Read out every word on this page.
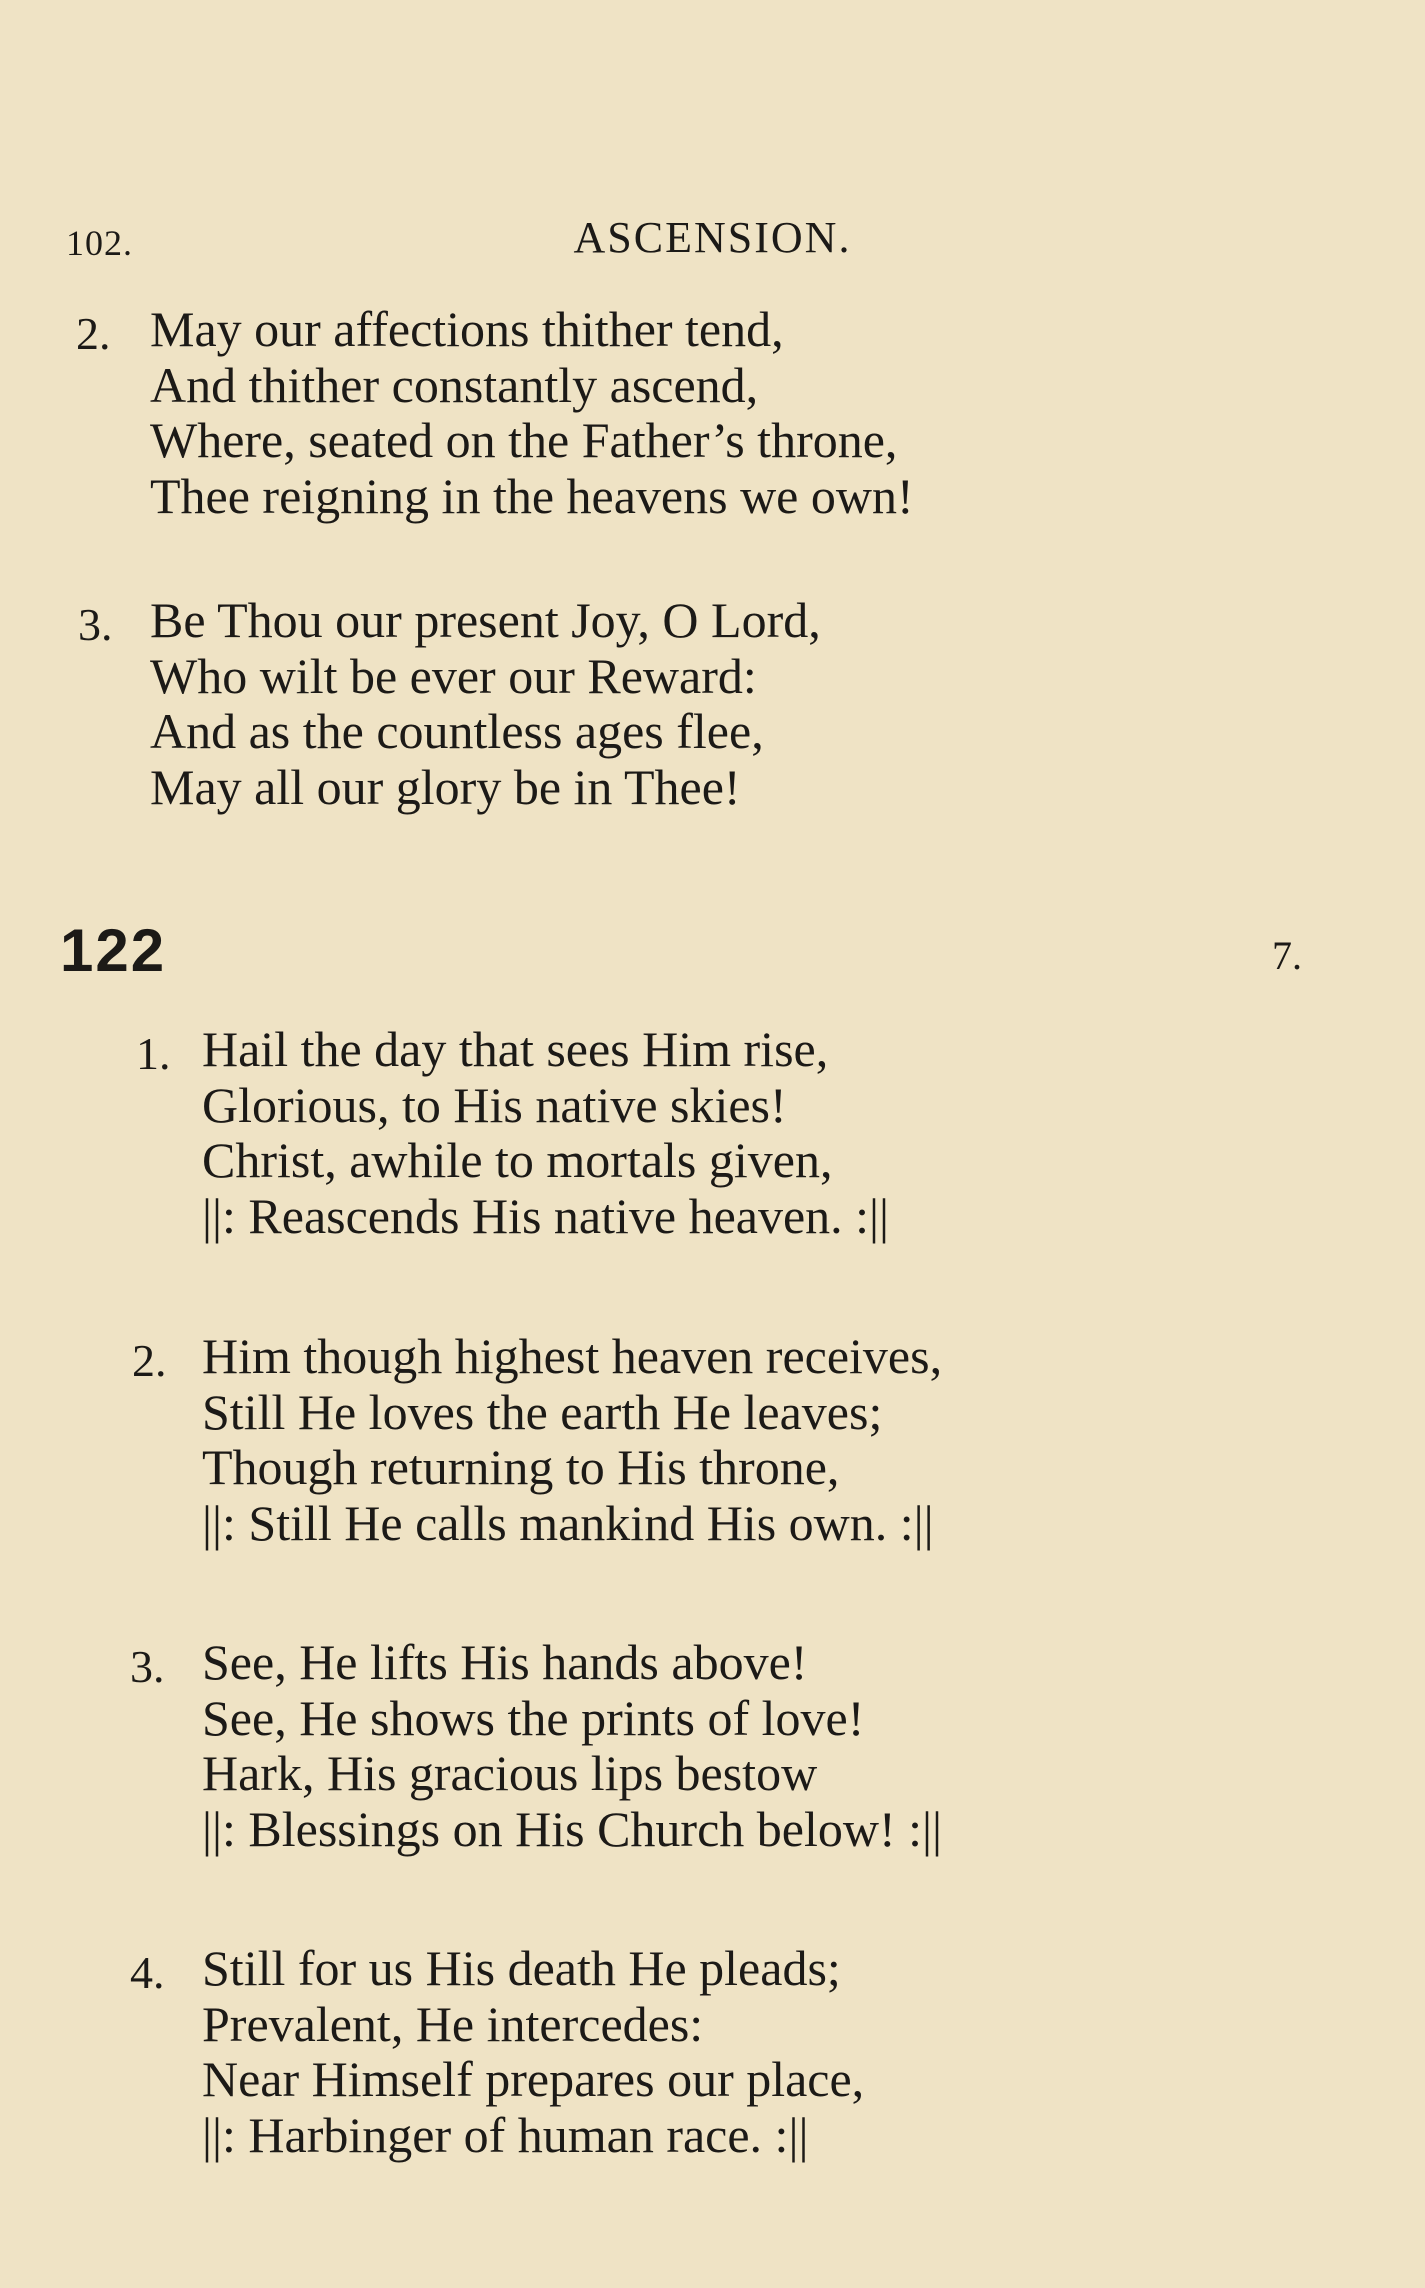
102.	ASCENSION.
2. May our affections thither tend,
And thither constantly ascend,
Where, seated on the Father’s throne,
Thee reigning in the heavens we own!
3. Be Thou our present Joy, O Lord,
Who wilt be ever our Reward:
And as the countless ages flee,
May all our glory be in Thee!
122	7.
1. Hail the day that sees Him rise,
Glorious, to His native skies!
Christ, awhile to mortals given,
||: Reascends His native heaven. :||
2. Him though highest heaven receives,
Still He loves the earth He leaves;
Though returning to His throne,
||: Still He calls mankind His own. :||
3. See, He lifts His hands above!
See, He shows the prints of love!
Hark, His gracious lips bestow
||: Blessings on His Church below! :||
4. Still for us His death He pleads;
Prevalent, He intercedes:
Near Himself prepares our place,
||: Harbinger of human race. :||
